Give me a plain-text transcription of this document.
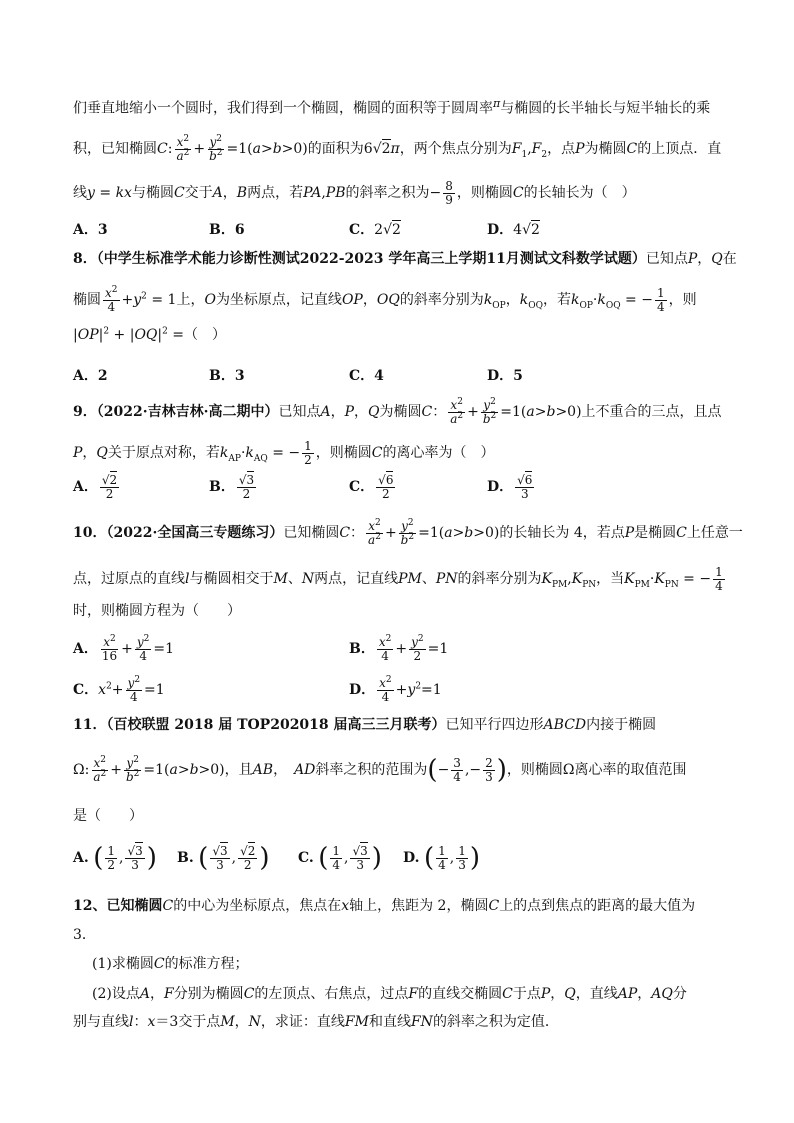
们垂直地缩小一个圆时，我们得到一个椭圆，椭圆的面积等于圆周率$^\pi$与椭圆的长半轴长与短半轴长的乘
积，已知椭圆C: $\frac{x^2}{a^2} + \frac{y^2}{b^2} =1(a>b>0)$的面积为6√2π，两个焦点分别为$F_1,F_2$，点P为椭圆C的上顶点．直
线y = kx与椭圆C交于A，B两点，若PA,PB的斜率之积为− $\frac{8}{9}$ ，则椭圆C的长轴长为（　）
A．3	B．6	C．2√2	D．4√2
8．（中学生标准学术能力诊断性测试2022-2023 学年高三上学期11月测试文科数学试题）已知点P，Q在
椭圆 $\frac{x^2}{4} +y^2 = 1$上，O为坐标原点，记直线OP，OQ的斜率分别为$k_{OP}$，$k_{OQ}$，若$k_{OP}\cdot k_{OQ}$ = − $\frac{1}{4}$ ，则
$|OP|^2 + |OQ|^2$ =（　）
A．2	B．3	C．4	D．5
9．（2022·吉林吉林·高二期中）已知点A，P，Q为椭圆C： $\frac{x^2}{a^2} + \frac{y^2}{b^2} =1(a>b>0)$上不重合的三点，且点
P，Q关于原点对称，若$k_{AP}\cdot k_{AQ}$ = − $\frac{1}{2}$ ，则椭圆C的离心率为（　）
A． $\frac{√2}{2}$	B． $\frac{√3}{2}$	C． $\frac{√6}{2}$	D． $\frac{√6}{3}$
10．（2022·全国高三专题练习）已知椭圆C： $\frac{x^2}{a^2} + \frac{y^2}{b^2} =1(a>b>0)$的长轴长为 4，若点P是椭圆C上任意一
点，过原点的直线l与椭圆相交于M、N两点，记直线PM、PN的斜率分别为$K_{PM},K_{PN}$，当$K_{PM}\cdot K_{PN}$ = − $\frac{1}{4}$
时，则椭圆方程为（　　）
A． $\frac{x^2}{16} + \frac{y^2}{4} =1$	B． $\frac{x^2}{4} + \frac{y^2}{2} =1$
C．$x^2+ \frac{y^2}{4} =1$	D． $\frac{x^2}{4} +y^2=1$
11．（百校联盟 2018 届 TOP202018 届高三三月联考）已知平行四边形ABCD内接于椭圆
Ω: $\frac{x^2}{a^2} + \frac{y^2}{b^2} =1(a>b>0)$，且AB，　AD斜率之积的范围为(− $\frac{3}{4}$ ,− $\frac{2}{3}$ )，则椭圆Ω离心率的取值范围
是（　　）
A. ( $\frac{1}{2}$ , $\frac{√3}{3}$ ) B. ( $\frac{√3}{3}$ , $\frac{√2}{2}$ ) C. ( $\frac{1}{4}$ , $\frac{√3}{3}$ ) D. ( $\frac{1}{4}$ , $\frac{1}{3}$ )
12、已知椭圆C的中心为坐标原点，焦点在x轴上，焦距为 2，椭圆C上的点到焦点的距离的最大值为
3．
(1)求椭圆C的标准方程；
(2)设点A，F分别为椭圆C的左顶点、右焦点，过点F的直线交椭圆C于点P，Q，直线AP，AQ分
别与直线l：x＝3交于点M，N，求证：直线FM和直线FN的斜率之积为定值．
